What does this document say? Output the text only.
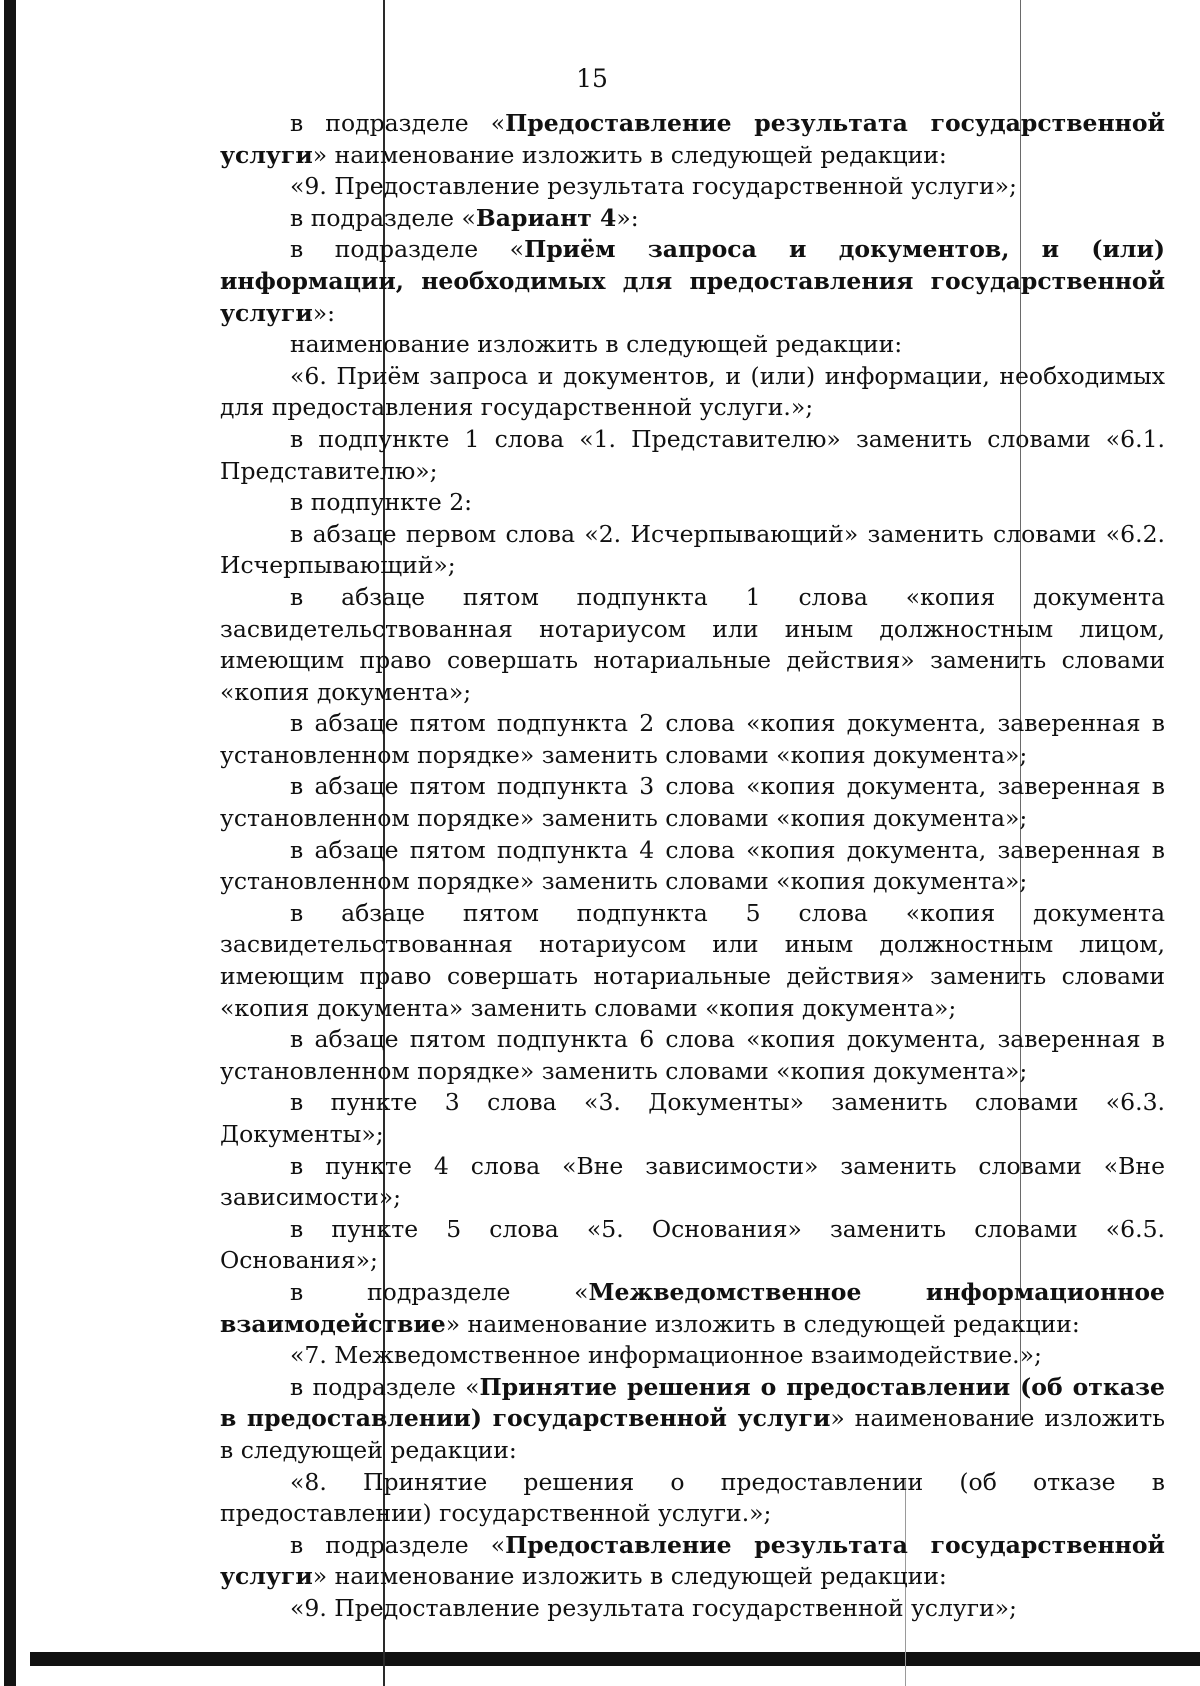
15

в подразделе «Предоставление результата государственной услуги» наименование изложить в следующей редакции:

«9. Предоставление результата государственной услуги»;

в подразделе «Вариант 4»:

в подразделе «Приём запроса и документов, и (или) информации, необходимых для предоставления государственной услуги»:

наименование изложить в следующей редакции:

«6. Приём запроса и документов, и (или) информации, необходимых для предоставления государственной услуги.»;

в подпункте 1 слова «1. Представителю» заменить словами «6.1. Представителю»;

в подпункте 2:

в абзаце первом слова «2. Исчерпывающий» заменить словами «6.2. Исчерпывающий»;

в абзаце пятом подпункта 1 слова «копия документа засвидетельствованная нотариусом или иным должностным лицом, имеющим право совершать нотариальные действия» заменить словами «копия документа»;

в абзаце пятом подпункта 2 слова «копия документа, заверенная в установленном порядке» заменить словами «копия документа»;

в абзаце пятом подпункта 3 слова «копия документа, заверенная в установленном порядке» заменить словами «копия документа»;

в абзаце пятом подпункта 4 слова «копия документа, заверенная в установленном порядке» заменить словами «копия документа»;

в абзаце пятом подпункта 5 слова «копия документа засвидетельствованная нотариусом или иным должностным лицом, имеющим право совершать нотариальные действия» заменить словами «копия документа» заменить словами «копия документа»;

в абзаце пятом подпункта 6 слова «копия документа, заверенная в установленном порядке» заменить словами «копия документа»;

в пункте 3 слова «3. Документы» заменить словами «6.3. Документы»;

в пункте 4 слова «Вне зависимости» заменить словами «Вне зависимости»;

в пункте 5 слова «5. Основания» заменить словами «6.5. Основания»;

в подразделе «Межведомственное информационное взаимодействие» наименование изложить в следующей редакции:

«7. Межведомственное информационное взаимодействие.»;

в подразделе «Принятие решения о предоставлении (об отказе в предоставлении) государственной услуги» наименование изложить в следующей редакции:

«8. Принятие решения о предоставлении (об отказе в предоставлении) государственной услуги.»;

в подразделе «Предоставление результата государственной услуги» наименование изложить в следующей редакции:

«9. Предоставление результата государственной услуги»;
